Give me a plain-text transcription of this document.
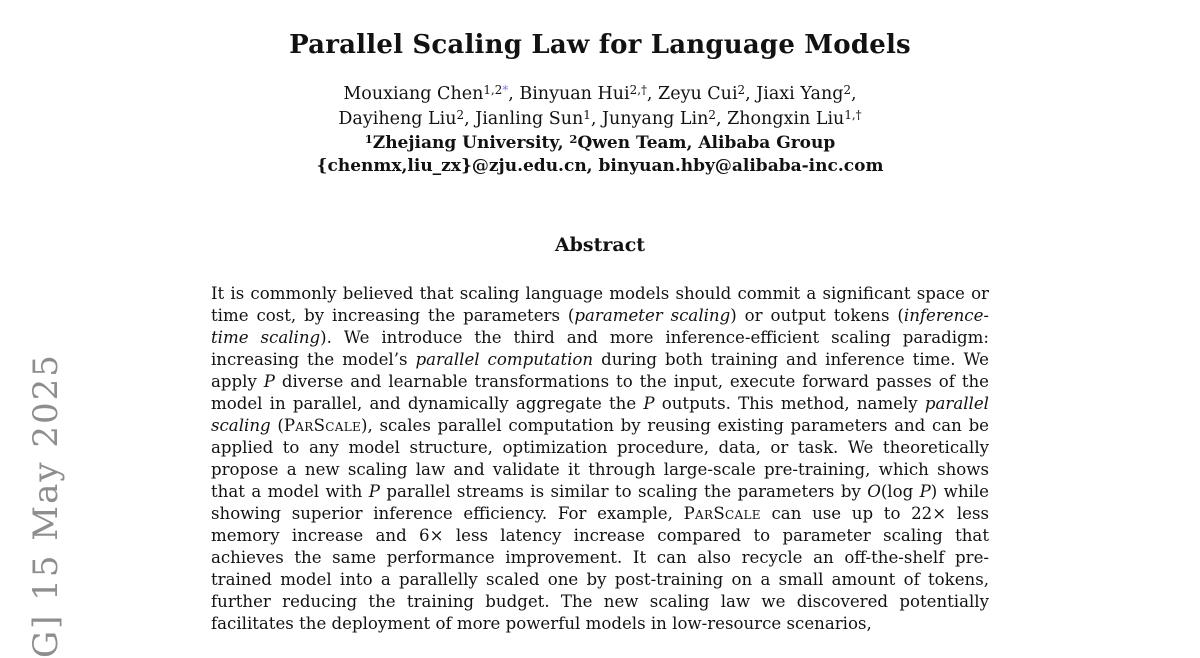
G] 15 May 2025
Parallel Scaling Law for Language Models

Mouxiang Chen$^{1,2*}$, Binyuan Hui$^{2,\dagger}$, Zeyu Cui$^2$, Jiaxi Yang$^2$,

Dayiheng Liu$^2$, Jianling Sun$^1$, Junyang Lin$^2$, Zhongxin Liu$^{1,\dagger}$

$^1$Zhejiang University, $^2$Qwen Team, Alibaba Group

{chenmx,liu_zx}@zju.edu.cn, binyuan.hby@alibaba-inc.com

Abstract

It is commonly believed that scaling language models should commit a significant space or time cost, by increasing the parameters (parameter scaling) or output tokens (inference-time scaling). We introduce the third and more inference-efficient scaling paradigm: increasing the model’s parallel computation during both training and inference time. We apply P diverse and learnable transformations to the input, execute forward passes of the model in parallel, and dynamically aggregate the P outputs. This method, namely parallel scaling (ParScale), scales parallel computation by reusing existing parameters and can be applied to any model structure, optimization procedure, data, or task. We theoretically propose a new scaling law and validate it through large-scale pre-training, which shows that a model with P parallel streams is similar to scaling the parameters by O(log P) while showing superior inference efficiency. For example, ParScale can use up to 22× less memory increase and 6× less latency increase compared to parameter scaling that achieves the same performance improvement. It can also recycle an off-the-shelf pre-trained model into a parallelly scaled one by post-training on a small amount of tokens, further reducing the training budget. The new scaling law we discovered potentially facilitates the deployment of more powerful models in low-resource scenarios,
